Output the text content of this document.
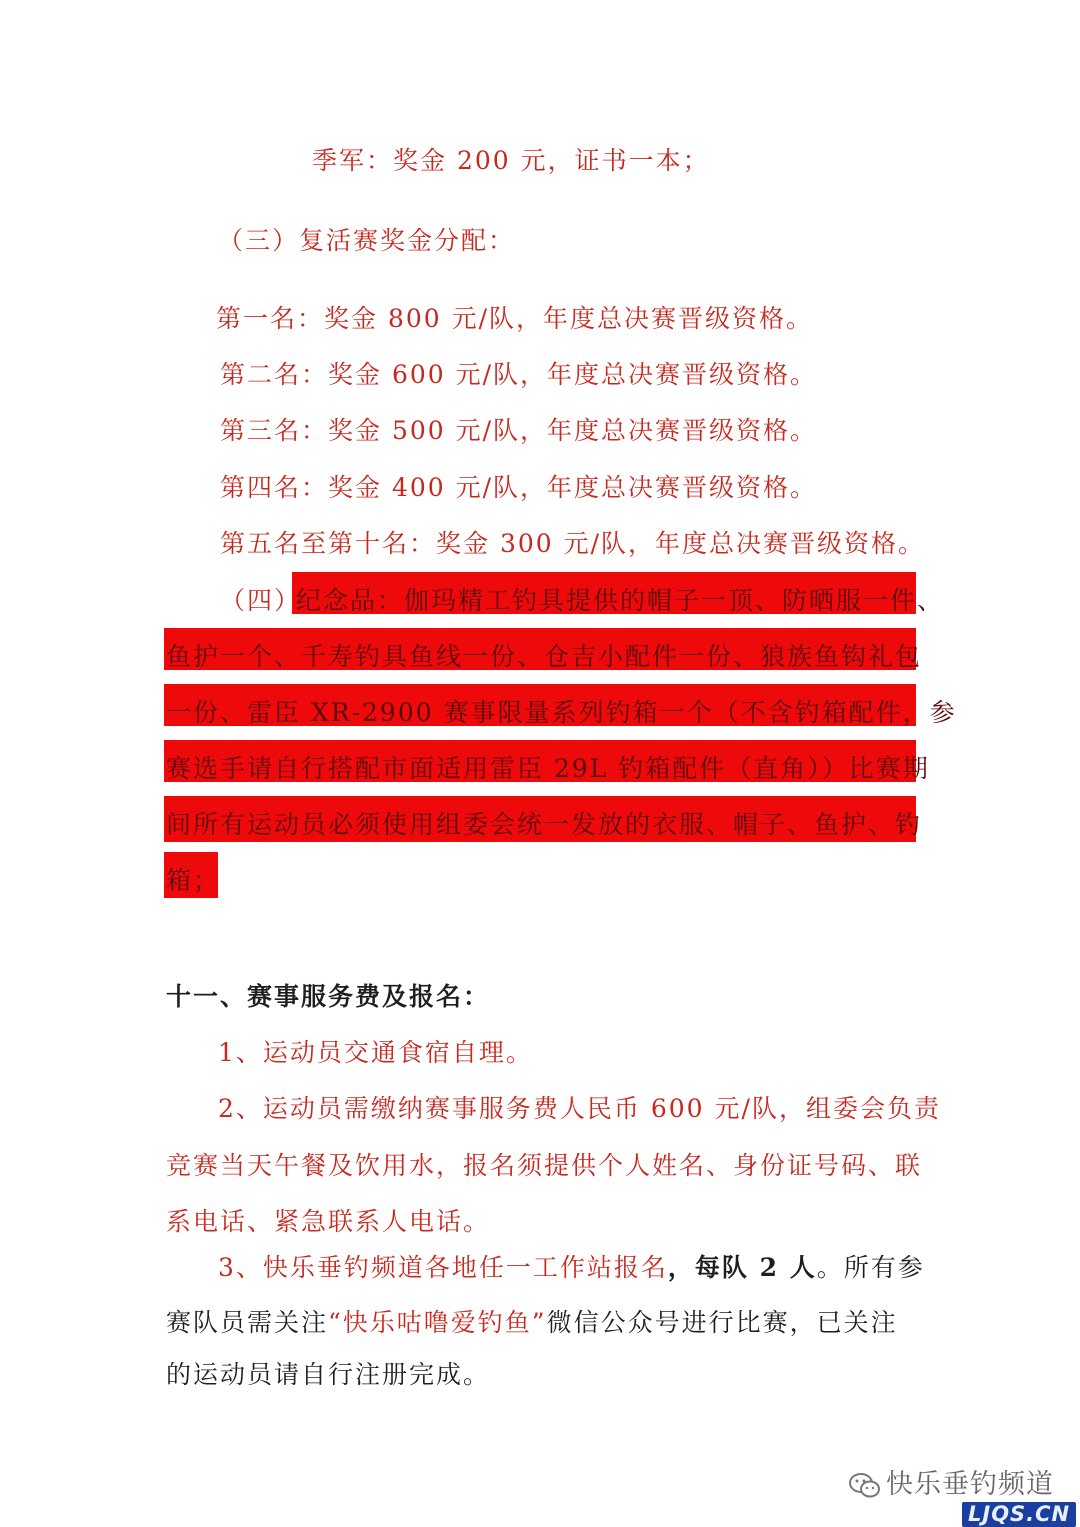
季军：奖金 200 元，证书一本；
（三）复活赛奖金分配：
第一名：奖金 800 元/队，年度总决赛晋级资格。
第二名：奖金 600 元/队，年度总决赛晋级资格。
第三名：奖金 500 元/队，年度总决赛晋级资格。
第四名：奖金 400 元/队，年度总决赛晋级资格。
第五名至第十名：奖金 300 元/队，年度总决赛晋级资格。
（四）
纪念品：伽玛精工钓具提供的帽子一顶、防晒服一件、
鱼护一个、千寿钓具鱼线一份、仓吉小配件一份、狼族鱼钩礼包
一份、雷臣 XR-2900 赛事限量系列钓箱一个（不含钓箱配件，参
赛选手请自行搭配市面适用雷臣 29L 钓箱配件（直角））比赛期
间所有运动员必须使用组委会统一发放的衣服、帽子、鱼护、钓
箱；
十一、赛事服务费及报名：
1、运动员交通食宿自理。
2、运动员需缴纳赛事服务费人民币 600 元/队，组委会负责
竞赛当天午餐及饮用水，报名须提供个人姓名、身份证号码、联
系电话、紧急联系人电话。
3、快乐垂钓频道各地任一工作站报名，每队 2 人。所有参
赛队员需关注“快乐咕噜爱钓鱼”微信公众号进行比赛，已关注
的运动员请自行注册完成。
快乐垂钓频道
LJQS.CN
